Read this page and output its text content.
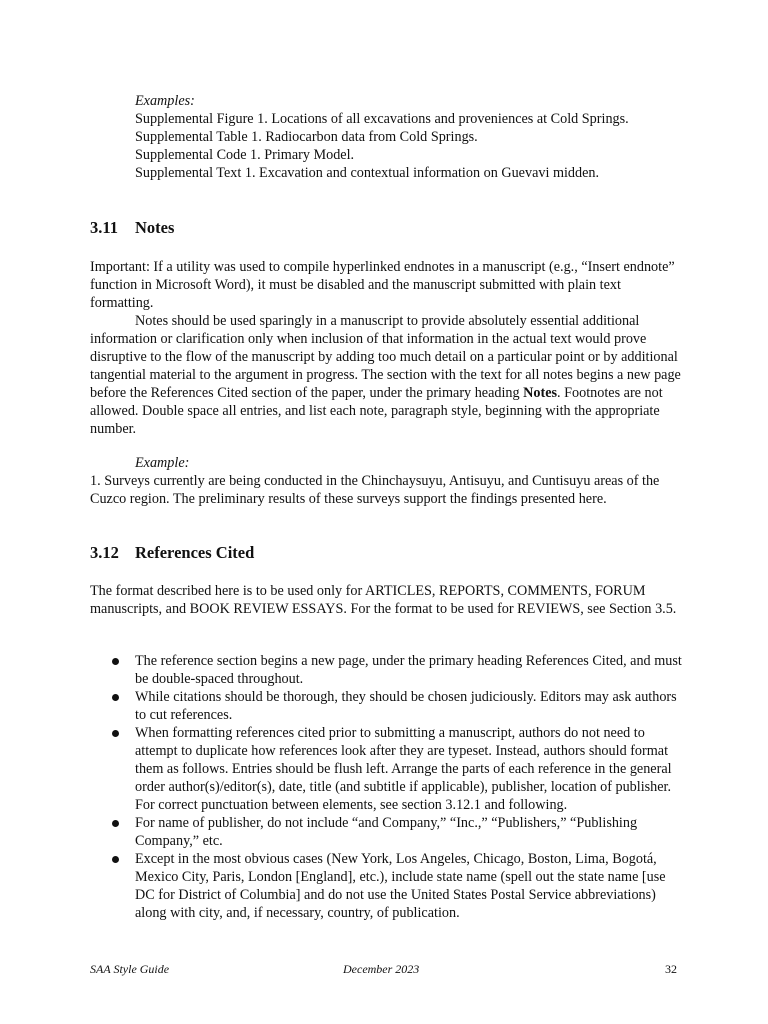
Examples:
Supplemental Figure 1. Locations of all excavations and proveniences at Cold Springs.
Supplemental Table 1. Radiocarbon data from Cold Springs.
Supplemental Code 1. Primary Model.
Supplemental Text 1. Excavation and contextual information on Guevavi midden.
3.11 Notes

Important: If a utility was used to compile hyperlinked endnotes in a manuscript (e.g., “Insert endnote” function in Microsoft Word), it must be disabled and the manuscript submitted with plain text formatting.

Notes should be used sparingly in a manuscript to provide absolutely essential additional information or clarification only when inclusion of that information in the actual text would prove disruptive to the flow of the manuscript by adding too much detail on a particular point or by additional tangential material to the argument in progress. The section with the text for all notes begins a new page before the References Cited section of the paper, under the primary heading Notes. Footnotes are not allowed. Double space all entries, and list each note, paragraph style, beginning with the appropriate number.

Example:

1. Surveys currently are being conducted in the Chinchaysuyu, Antisuyu, and Cuntisuyu areas of the Cuzco region. The preliminary results of these surveys support the findings presented here.

3.12 References Cited

The format described here is to be used only for ARTICLES, REPORTS, COMMENTS, FORUM manuscripts, and BOOK REVIEW ESSAYS. For the format to be used for REVIEWS, see Section 3.5.

The reference section begins a new page, under the primary heading References Cited, and must be double-spaced throughout.
While citations should be thorough, they should be chosen judiciously. Editors may ask authors to cut references.
When formatting references cited prior to submitting a manuscript, authors do not need to attempt to duplicate how references look after they are typeset. Instead, authors should format them as follows. Entries should be flush left. Arrange the parts of each reference in the general order author(s)/editor(s), date, title (and subtitle if applicable), publisher, location of publisher. For correct punctuation between elements, see section 3.12.1 and following.
For name of publisher, do not include “and Company,” “Inc.,” “Publishers,” “Publishing Company,” etc.
Except in the most obvious cases (New York, Los Angeles, Chicago, Boston, Lima, Bogotá, Mexico City, Paris, London [England], etc.), include state name (spell out the state name [use DC for District of Columbia] and do not use the United States Postal Service abbreviations) along with city, and, if necessary, country, of publication.
SAA Style Guide	December 2023	32
